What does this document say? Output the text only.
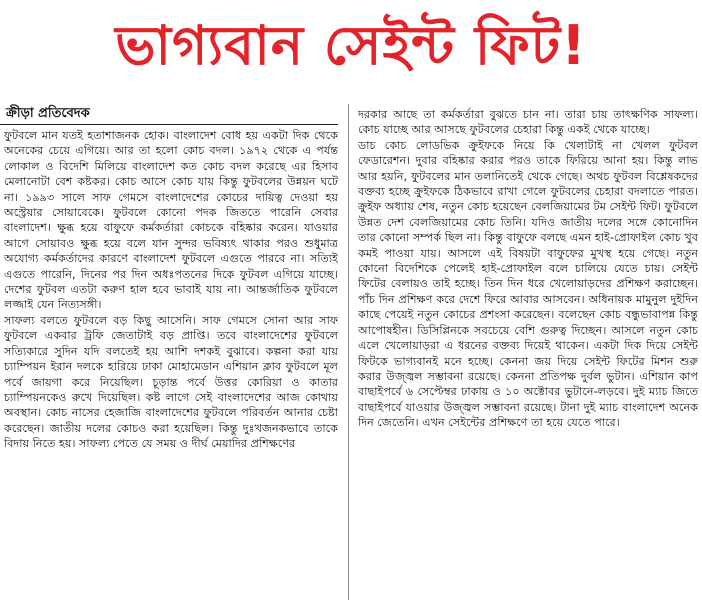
ভাগ্যবান সেইন্ট ফিট!
ক্রীড়া প্রতিবেদক

ফুটবলে মান যতই হতাশাজনক হোক। বাংলাদেশ বোধ হয় একটা দিক থেকে অনেকের চেয়ে এগিয়ে। আর তা হলো কোচ বদল। ১৯৭২ থেকে এ পর্যন্ত লোকাল ও বিদেশি মিলিয়ে বাংলাদেশ কত কোচ বদল করেছে এর হিসাব মেলানোটা বেশ কষ্টকর। কোচ আসে কোচ যায় কিন্তু ফুটবলের উন্নয়ন ঘটে না। ১৯৯৩ সালে সাফ গেমসে বাংলাদেশের কোচের দায়িত্ব দেওয়া হয় অস্ট্রেয়ার সোয়াবেকে। ফুটবলে কোনো পদক জিততে পারেনি সেবার বাংলাদেশ। ক্ষুব্ধ হয়ে বাফুফে কর্মকর্তারা কোচকে বহিষ্কার করেন। যাওয়ার আগে সোয়াবও ক্ষুব্ধ হয়ে বলে যান সুন্দর ভবিষ্যৎ থাকার পরও শুধুমাত্র অযোগ্য কর্মকর্তাদের কারণে বাংলাদেশ ফুটবলে এগুতে পারবে না। সত্যিই এগুতে পারেনি, দিনের পর দিন অধঃপতনের দিকে ফুটবল এগিয়ে যাচ্ছে। দেশের ফুটবল এতটা করুণ হাল হবে ভাবাই যায় না। আন্তর্জাতিক ফুটবলে লজ্জাই যেন নিত্যসঙ্গী।

সাফল্য বলতে ফুটবলে বড় কিছু আসেনি। সাফ গেমসে সোনা আর সাফ ফুটবলে একবার ট্রফি জেতাটাই বড় প্রাপ্তি। তবে বাংলাদেশের ফুটবলে সত্যিকারে সুদিন যদি বলতেই হয় আশি দশকই বুঝাবে। কল্পনা করা যায় চ্যাম্পিয়ন ইরান দলকে হারিয়ে ঢাকা মোহামেডান এশিয়ান ক্লাব ফুটবলে মূল পর্বে জায়গা করে নিয়েছিল। চূড়ান্ত পর্বে উত্তর কোরিয়া ও কাতার চ্যাম্পিয়নকেও রুখে দিয়েছিল। কষ্ট লাগে সেই বাংলাদেশের আজ কোথায় অবস্থান। কোচ নাসের হেজাজি বাংলাদেশের ফুটবলে পরিবর্তন আনার চেষ্টা করেছেন। জাতীয় দলের কোচও করা হয়েছিল। কিন্তু দুঃখজনকভাবে তাকে বিদায় নিতে হয়। সাফল্য পেতে যে সময় ও দীর্ঘ মেয়াদির প্রশিক্ষণের

দরকার আছে তা কর্মকর্তারা বুঝতে চান না। তারা চায় তাৎক্ষণিক সাফল্য। কোচ যাচ্ছে আর আসছে ফুটবলের চেহারা কিন্তু একই থেকে যাচ্ছে।

ডাচ কোচ লোডভিক ক্রুইফকে নিয়ে কি খেলাটাই না খেলল ফুটবল ফেডারেশন। দুবার বহিষ্কার করার পরও তাকে ফিরিয়ে আনা হয়। কিন্তু লাভ আর হয়নি, ফুটবলের মান তলানিতেই থেকে গেছে। অথচ ফুটবল বিশ্লেষকদের বক্তব্য হচ্ছে ক্রুইফকে ঠিকভাবে রাখা গেলে ফুটবলের চেহারা বদলাতে পারত। ক্রুইফ অধ্যায় শেষ, নতুন কোচ হয়েছেন বেলজিয়ামের টম সেইন্ট ফিট। ফুটবলে উন্নত দেশ বেলজিয়ামের কোচ তিনি। যদিও জাতীয় দলের সঙ্গে কোনোদিন তার কোনো সম্পর্ক ছিল না। কিন্তু বাফুফে বলছে এমন হাই-প্রোফাইল কোচ খুব কমই পাওয়া যায়। আসলে এই বিষয়টা বাফুফের মুখস্থ হয়ে গেছে। নতুন কোনো বিদেশিকে পেলেই হাই-প্রোফাইল বলে চালিয়ে যেতে চায়। সেইন্ট ফিটের বেলায়ও তাই হচ্ছে। তিন দিন ধরে খেলোয়াড়দের প্রশিক্ষণ করাচ্ছেন। পাঁচ দিন প্রশিক্ষণ করে দেশে ফিরে আবার আসবেন। অধিনায়ক মামুনুল দুইদিন কাছে পেয়েই নতুন কোচের প্রশংসা করেছেন। বলেছেন কোচ বন্ধুভাবাপন্ন কিন্তু আপোষহীন। ডিসিপ্লিনকে সবচেয়ে বেশি গুরুত্ব দিচ্ছেন। আসলে নতুন কোচ এলে খেলোয়াড়রা এ ধরনের বক্তব্য দিয়েই থাকেন। একটা দিক দিয়ে সেইন্ট ফিটকে ভাগ্যবানই মনে হচ্ছে। কেননা জয় দিয়ে সেইন্ট ফিটের মিশন শুরু করার উজ্জ্বল সম্ভাবনা রয়েছে। কেননা প্রতিপক্ষ দুর্বল ভুটান। এশিয়ান কাপ বাছাইপর্বে ৬ সেপ্টেম্বর ঢাকায় ও ১০ অক্টোবর ভুটানে-লড়বে। দুই ম্যাচ জিতে বাছাইপর্বে যাওয়ার উজ্জ্বল সম্ভাবনা রয়েছে। টানা দুই ম্যাচ বাংলাদেশ অনেক দিন জেতেনি। এখন সেইন্টের প্রশিক্ষণে তা হয়ে যেতে পারে।
